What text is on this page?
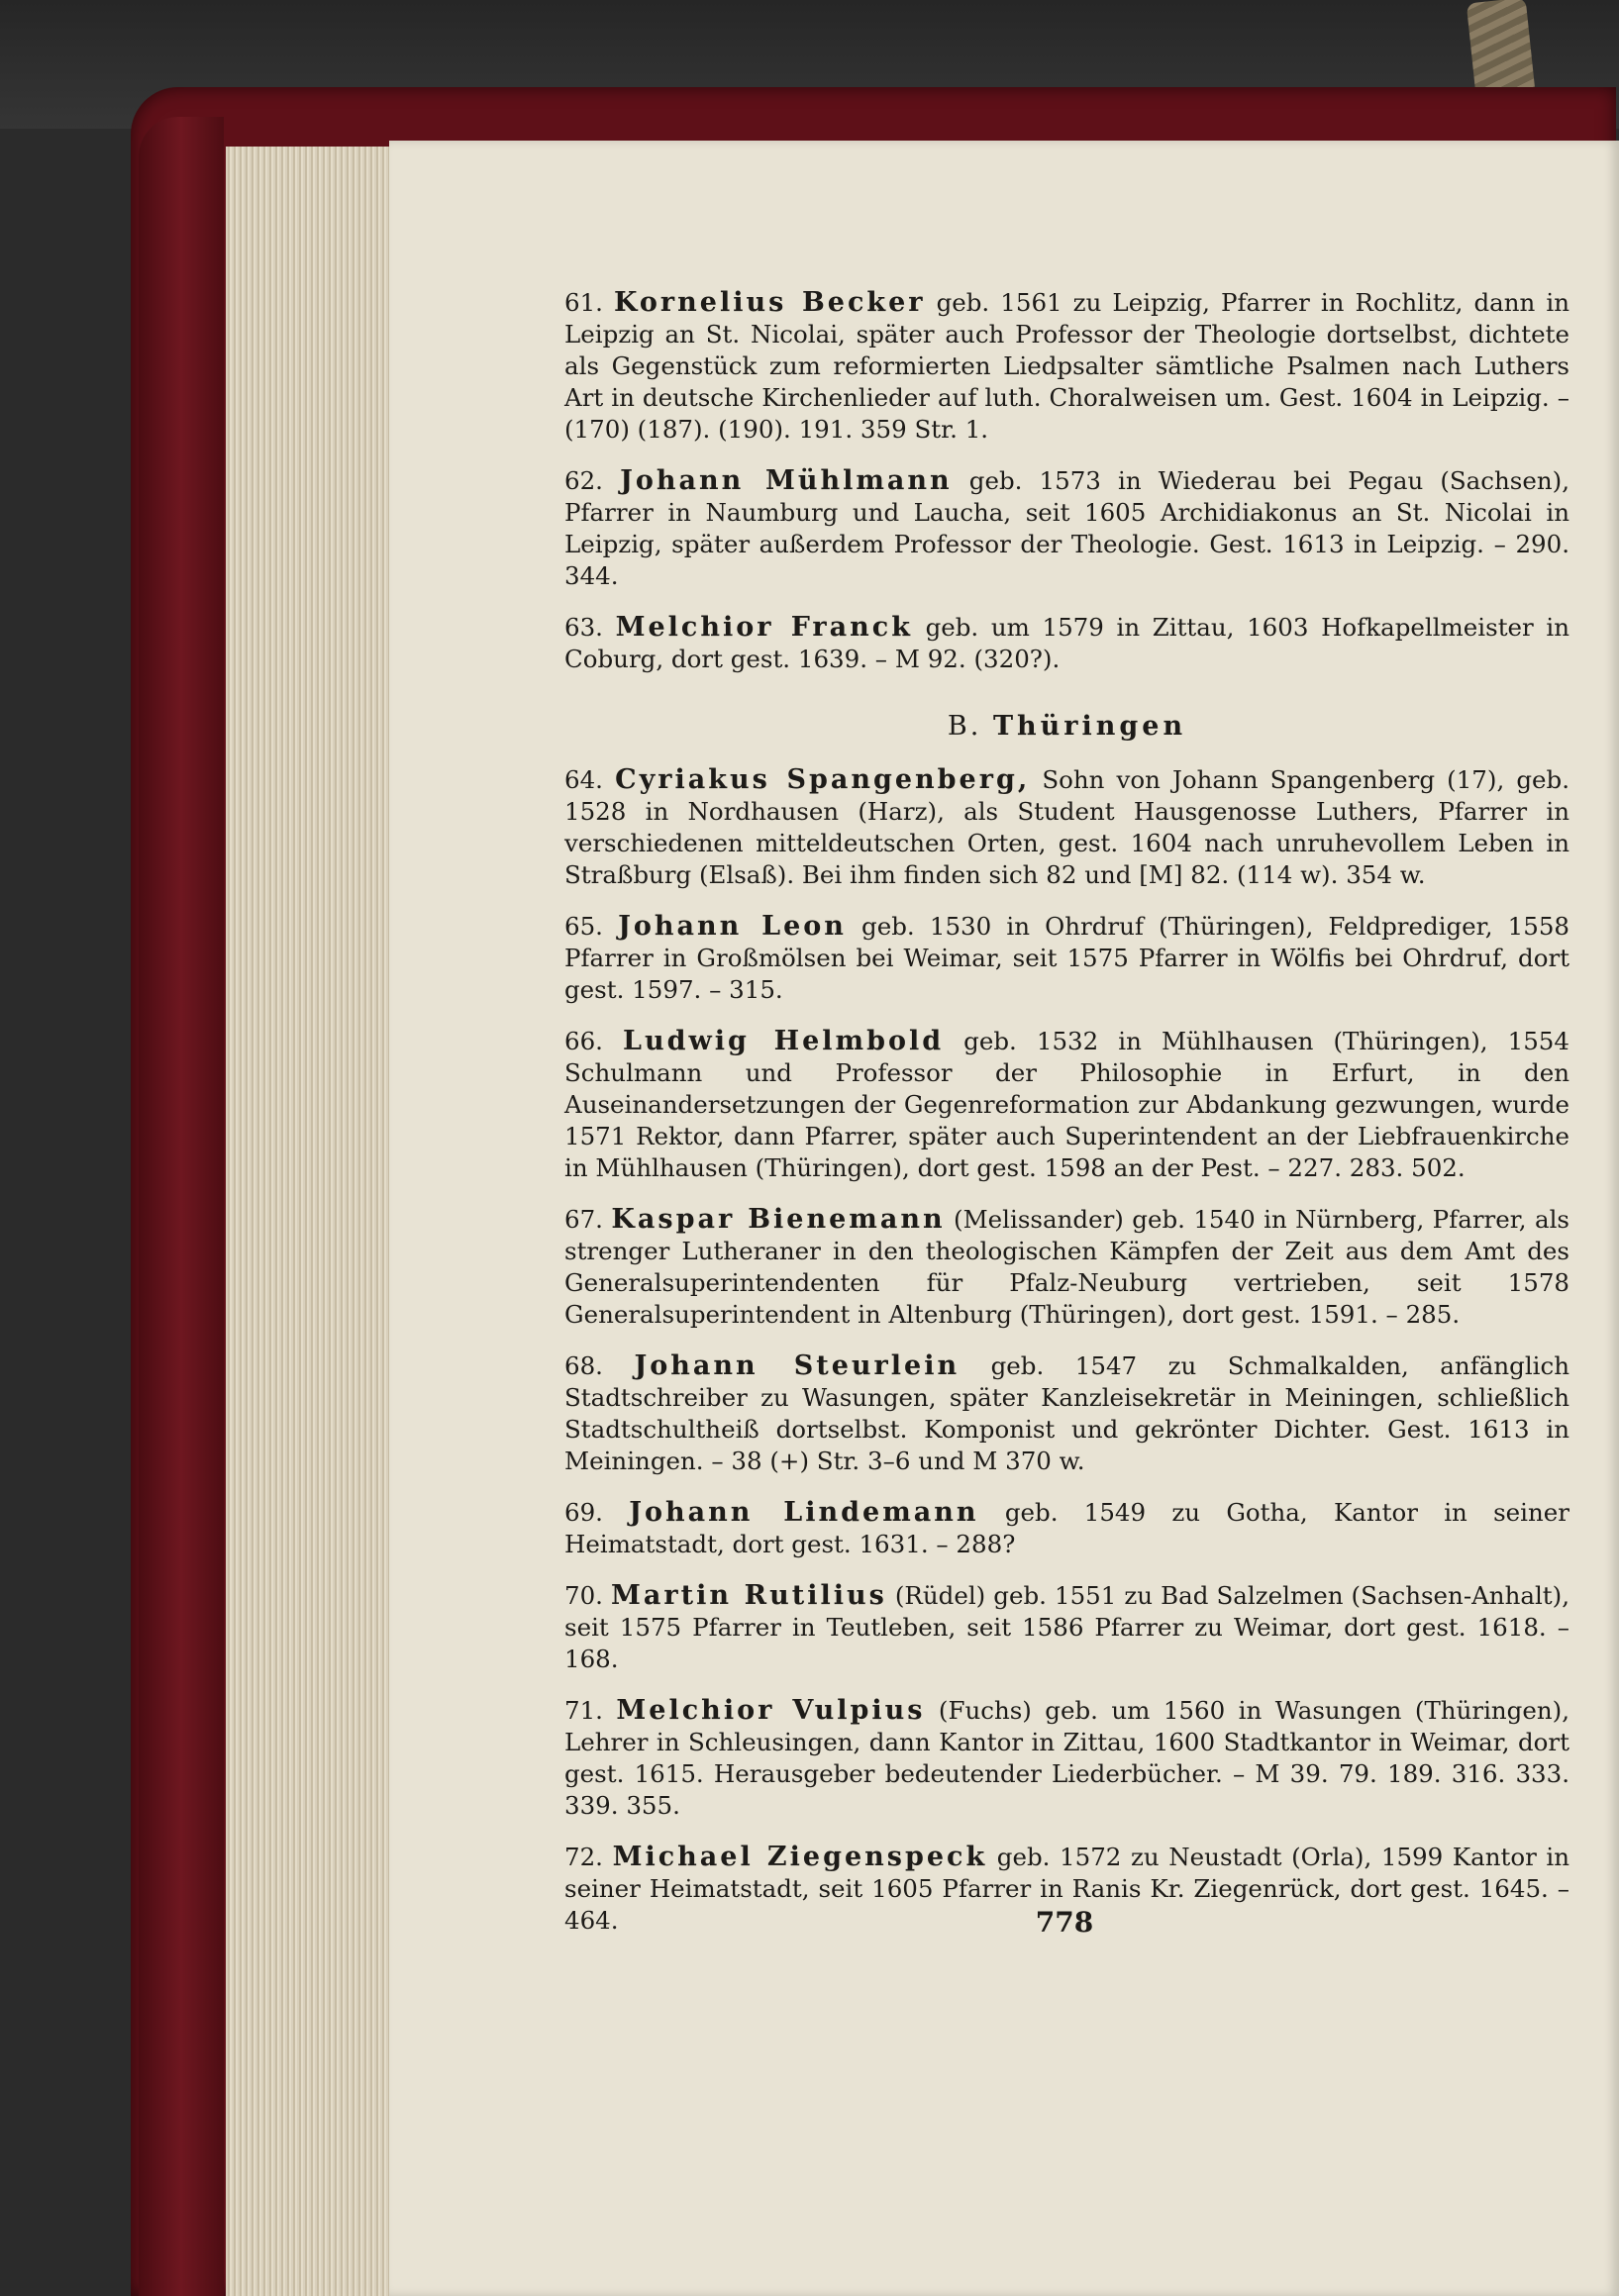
61. Kornelius Becker geb. 1561 zu Leipzig, Pfarrer in Rochlitz, dann in Leipzig an St. Nicolai, später auch Professor der Theologie dortselbst, dichtete als Gegenstück zum reformierten Liedpsalter sämtliche Psalmen nach Luthers Art in deutsche Kirchenlieder auf luth. Choralweisen um. Gest. 1604 in Leipzig. – (170) (187). (190). 191. 359 Str. 1.

62. Johann Mühlmann geb. 1573 in Wiederau bei Pegau (Sachsen), Pfarrer in Naumburg und Laucha, seit 1605 Archidiakonus an St. Nicolai in Leipzig, später außerdem Professor der Theologie. Gest. 1613 in Leipzig. – 290. 344.

63. Melchior Franck geb. um 1579 in Zittau, 1603 Hofkapellmeister in Coburg, dort gest. 1639. – M 92. (320?).

B. Thüringen

64. Cyriakus Spangenberg, Sohn von Johann Spangenberg (17), geb. 1528 in Nordhausen (Harz), als Student Hausgenosse Luthers, Pfarrer in verschiedenen mitteldeutschen Orten, gest. 1604 nach unruhevollem Leben in Straßburg (Elsaß). Bei ihm finden sich 82 und [M] 82. (114 w). 354 w.

65. Johann Leon geb. 1530 in Ohrdruf (Thüringen), Feldprediger, 1558 Pfarrer in Großmölsen bei Weimar, seit 1575 Pfarrer in Wölfis bei Ohrdruf, dort gest. 1597. – 315.

66. Ludwig Helmbold geb. 1532 in Mühlhausen (Thüringen), 1554 Schulmann und Professor der Philosophie in Erfurt, in den Auseinandersetzungen der Gegenreformation zur Abdankung gezwungen, wurde 1571 Rektor, dann Pfarrer, später auch Superintendent an der Liebfrauenkirche in Mühlhausen (Thüringen), dort gest. 1598 an der Pest. – 227. 283. 502.

67. Kaspar Bienemann (Melissander) geb. 1540 in Nürnberg, Pfarrer, als strenger Lutheraner in den theologischen Kämpfen der Zeit aus dem Amt des Generalsuperintendenten für Pfalz-Neuburg vertrieben, seit 1578 Generalsuperintendent in Altenburg (Thüringen), dort gest. 1591. – 285.

68. Johann Steurlein geb. 1547 zu Schmalkalden, anfänglich Stadtschreiber zu Wasungen, später Kanzleisekretär in Meiningen, schließlich Stadtschultheiß dortselbst. Komponist und gekrönter Dichter. Gest. 1613 in Meiningen. – 38 (+) Str. 3–6 und M 370 w.

69. Johann Lindemann geb. 1549 zu Gotha, Kantor in seiner Heimatstadt, dort gest. 1631. – 288?

70. Martin Rutilius (Rüdel) geb. 1551 zu Bad Salzelmen (Sachsen-Anhalt), seit 1575 Pfarrer in Teutleben, seit 1586 Pfarrer zu Weimar, dort gest. 1618. – 168.

71. Melchior Vulpius (Fuchs) geb. um 1560 in Wasungen (Thüringen), Lehrer in Schleusingen, dann Kantor in Zittau, 1600 Stadtkantor in Weimar, dort gest. 1615. Herausgeber bedeutender Liederbücher. – M 39. 79. 189. 316. 333. 339. 355.

72. Michael Ziegenspeck geb. 1572 zu Neustadt (Orla), 1599 Kantor in seiner Heimatstadt, seit 1605 Pfarrer in Ranis Kr. Ziegenrück, dort gest. 1645. – 464.	778
